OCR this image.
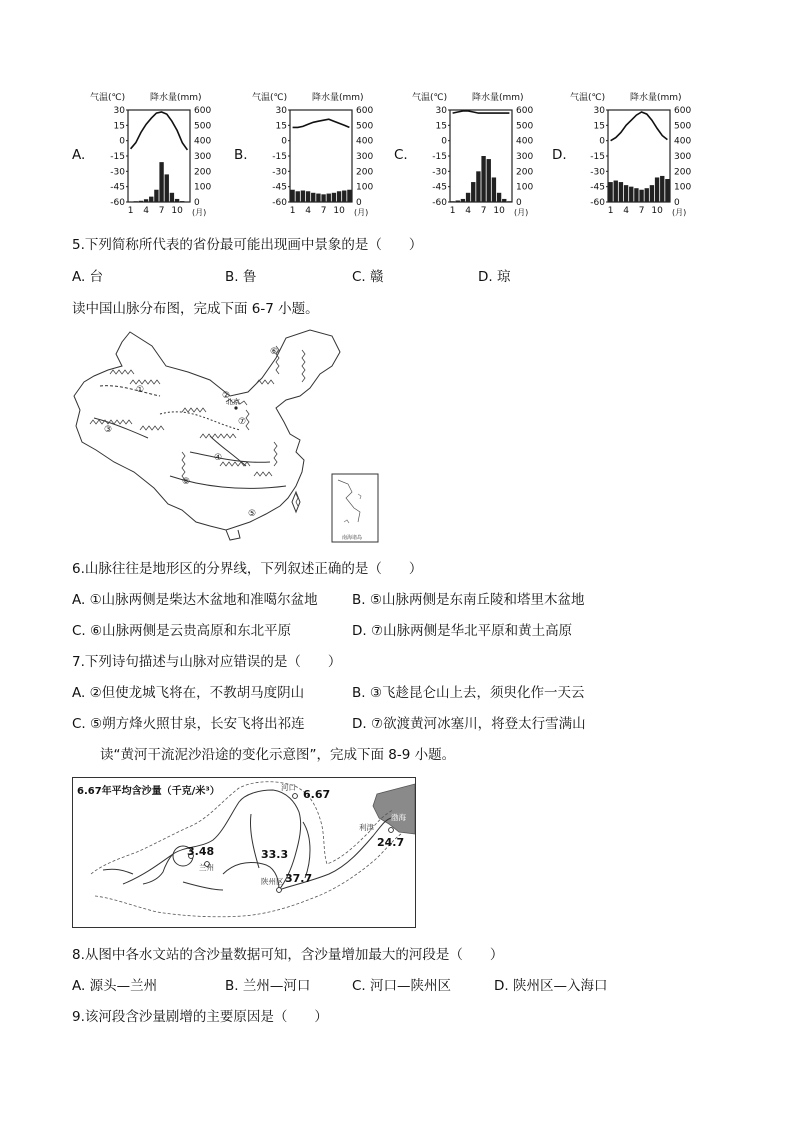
A.	B.	C.	D.
气温(℃)	降水量(mm)
30
15
0
-15
-30
-45
-60
600
500
400
300
200
100
0
1 4 7 10 (月)
气温(℃)	降水量(mm)
30
15
0
-15
-30
-45
-60
600
500
400
300
200
100
0
1 4 7 10 (月)
气温(℃)	降水量(mm)
30
15
0
-15
-30
-45
-60
600
500
400
300
200
100
0
1 4 7 10 (月)
气温(℃)	降水量(mm)
30
15
0
-15
-30
-45
-60
600
500
400
300
200
100
0
1 4 7 10 (月)
5.下列简称所代表的省份最可能出现画中景象的是（　　）
A. 台	B. 鲁	C. 赣	D. 琼
读中国山脉分布图，完成下面 6-7 小题。
①
②
③
④
⑤
⑥
⑦
⑧
北京
南海诸岛
6.山脉往往是地形区的分界线，下列叙述正确的是（　　）
A. ①山脉两侧是柴达木盆地和准噶尔盆地	B. ⑤山脉两侧是东南丘陵和塔里木盆地
C. ⑥山脉两侧是云贵高原和东北平原	D. ⑦山脉两侧是华北平原和黄土高原
7.下列诗句描述与山脉对应错误的是（　　）
A. ②但使龙城飞将在，不教胡马度阴山	B. ③飞趁昆仑山上去，须臾化作一天云
C. ⑤朔方烽火照甘泉，长安飞将出祁连	D. ⑦欲渡黄河冰塞川，将登太行雪满山
读“黄河干流泥沙沿途的变化示意图”，完成下面 8-9 小题。
6.67年平均含沙量（千克/米³）
3.48	33.3
6.67
37.7
24.7
河口
兰州
陕州区
利津
渤海
8.从图中各水文站的含沙量数据可知，含沙量增加最大的河段是（　　）
A. 源头—兰州	B. 兰州—河口	C. 河口—陕州区	D. 陕州区—入海口
9.该河段含沙量剧增的主要原因是（　　）
